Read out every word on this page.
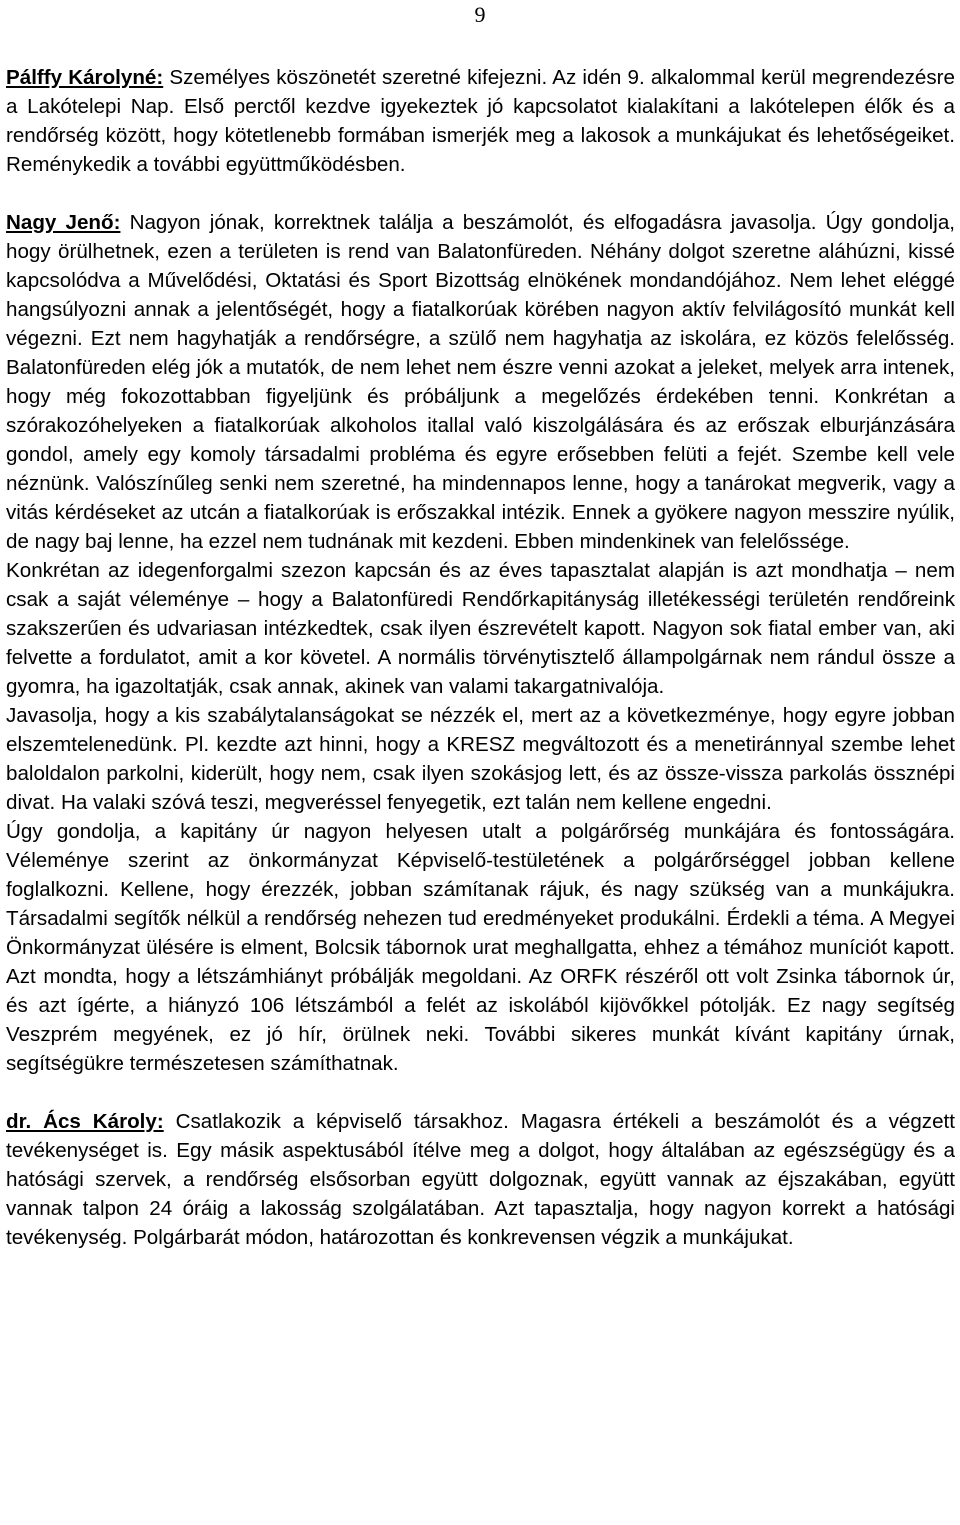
9

Pálffy Károlyné: Személyes köszönetét szeretné kifejezni. Az idén 9. alkalommal kerül megrendezésre a Lakótelepi Nap. Első perctől kezdve igyekeztek jó kapcsolatot kialakítani a lakótelepen élők és a rendőrség között, hogy kötetlenebb formában ismerjék meg a lakosok a munkájukat és lehetőségeiket. Reménykedik a további együttműködésben.

Nagy Jenő: Nagyon jónak, korrektnek találja a beszámolót, és elfogadásra javasolja. Úgy gondolja, hogy örülhetnek, ezen a területen is rend van Balatonfüreden. Néhány dolgot szeretne aláhúzni, kissé kapcsolódva a Művelődési, Oktatási és Sport Bizottság elnökének mondandójához. Nem lehet eléggé hangsúlyozni annak a jelentőségét, hogy a fiatalkorúak körében nagyon aktív felvilágosító munkát kell végezni. Ezt nem hagyhatják a rendőrségre, a szülő nem hagyhatja az iskolára, ez közös felelősség. Balatonfüreden elég jók a mutatók, de nem lehet nem észre venni azokat a jeleket, melyek arra intenek, hogy még fokozottabban figyeljünk és próbáljunk a megelőzés érdekében tenni. Konkrétan a szórakozóhelyeken a fiatalkorúak alkoholos itallal való kiszolgálására és az erőszak elburjánzására gondol, amely egy komoly társadalmi probléma és egyre erősebben felüti a fejét. Szembe kell vele néznünk. Valószínűleg senki nem szeretné, ha mindennapos lenne, hogy a tanárokat megverik, vagy a vitás kérdéseket az utcán a fiatalkorúak is erőszakkal intézik. Ennek a gyökere nagyon messzire nyúlik, de nagy baj lenne, ha ezzel nem tudnának mit kezdeni. Ebben mindenkinek van felelőssége.

Konkrétan az idegenforgalmi szezon kapcsán és az éves tapasztalat alapján is azt mondhatja – nem csak a saját véleménye – hogy a Balatonfüredi Rendőrkapitányság illetékességi területén rendőreink szakszerűen és udvariasan intézkedtek, csak ilyen észrevételt kapott. Nagyon sok fiatal ember van, aki felvette a fordulatot, amit a kor követel. A normális törvénytisztelő állampolgárnak nem rándul össze a gyomra, ha igazoltatják, csak annak, akinek van valami takargatnivalója.

Javasolja, hogy a kis szabálytalanságokat se nézzék el, mert az a következménye, hogy egyre jobban elszemtelenedünk. Pl. kezdte azt hinni, hogy a KRESZ megváltozott és a menetiránnyal szembe lehet baloldalon parkolni, kiderült, hogy nem, csak ilyen szokásjog lett, és az össze-vissza parkolás össznépi divat. Ha valaki szóvá teszi, megveréssel fenyegetik, ezt talán nem kellene engedni.

Úgy gondolja, a kapitány úr nagyon helyesen utalt a polgárőrség munkájára és fontosságára. Véleménye szerint az önkormányzat Képviselő-testületének a polgárőrséggel jobban kellene foglalkozni. Kellene, hogy érezzék, jobban számítanak rájuk, és nagy szükség van a munkájukra. Társadalmi segítők nélkül a rendőrség nehezen tud eredményeket produkálni. Érdekli a téma. A Megyei Önkormányzat ülésére is elment, Bolcsik tábornok urat meghallgatta, ehhez a témához muníciót kapott. Azt mondta, hogy a létszámhiányt próbálják megoldani. Az ORFK részéről ott volt Zsinka tábornok úr, és azt ígérte, a hiányzó 106 létszámból a felét az iskolából kijövőkkel pótolják. Ez nagy segítség Veszprém megyének, ez jó hír, örülnek neki. További sikeres munkát kívánt kapitány úrnak, segítségükre természetesen számíthatnak.

dr. Ács Károly: Csatlakozik a képviselő társakhoz. Magasra értékeli a beszámolót és a végzett tevékenységet is. Egy másik aspektusából ítélve meg a dolgot, hogy általában az egészségügy és a hatósági szervek, a rendőrség elsősorban együtt dolgoznak, együtt vannak az éjszakában, együtt vannak talpon 24 óráig a lakosság szolgálatában. Azt tapasztalja, hogy nagyon korrekt a hatósági tevékenység. Polgárbarát módon, határozottan és konkrevensen végzik a munkájukat.
